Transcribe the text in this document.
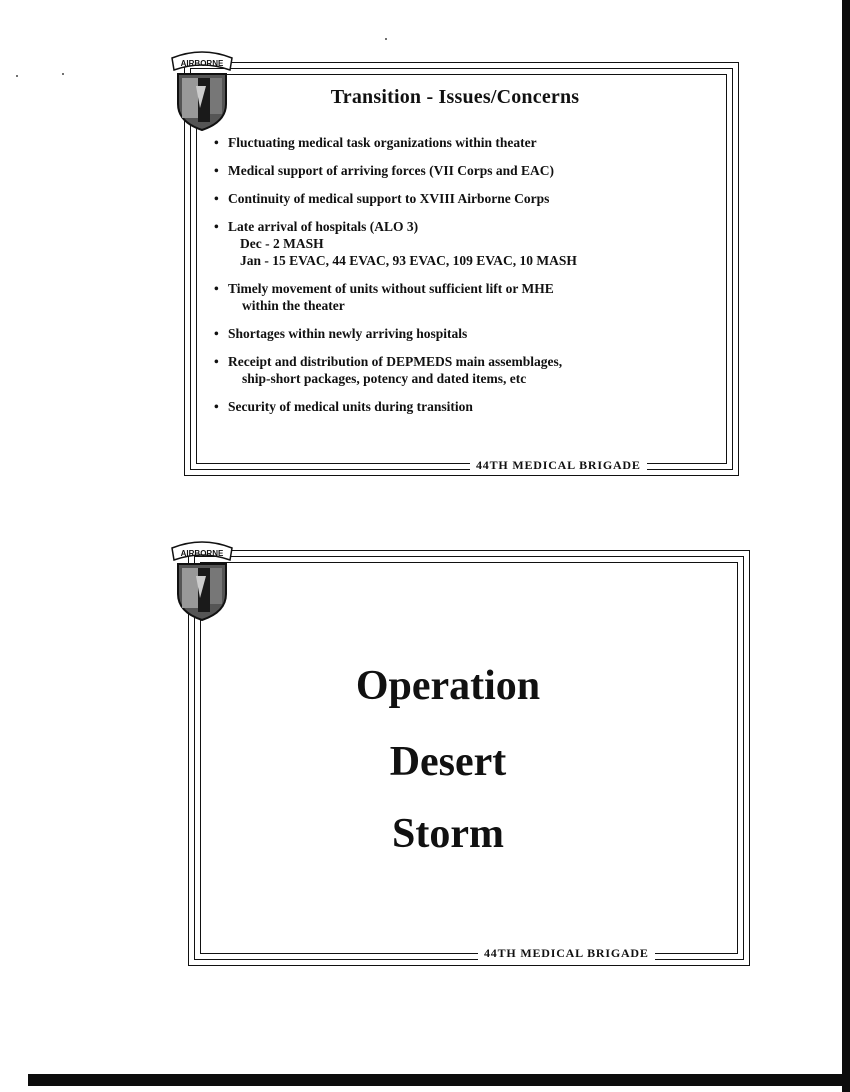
AIRBORNE
Transition - Issues/Concerns
• Fluctuating medical task organizations within theater
• Medical support of arriving forces (VII Corps and EAC)
• Continuity of medical support to XVIII Airborne Corps
• Late arrival of hospitals (ALO 3)
Dec - 2 MASH
Jan - 15 EVAC, 44 EVAC, 93 EVAC, 109 EVAC, 10 MASH
• Timely movement of units without sufficient lift or MHE
within the theater
• Shortages within newly arriving hospitals
• Receipt and distribution of DEPMEDS main assemblages,
ship-short packages, potency and dated items, etc
• Security of medical units during transition
44TH MEDICAL BRIGADE
AIRBORNE
Operation
Desert
Storm
44TH MEDICAL BRIGADE
